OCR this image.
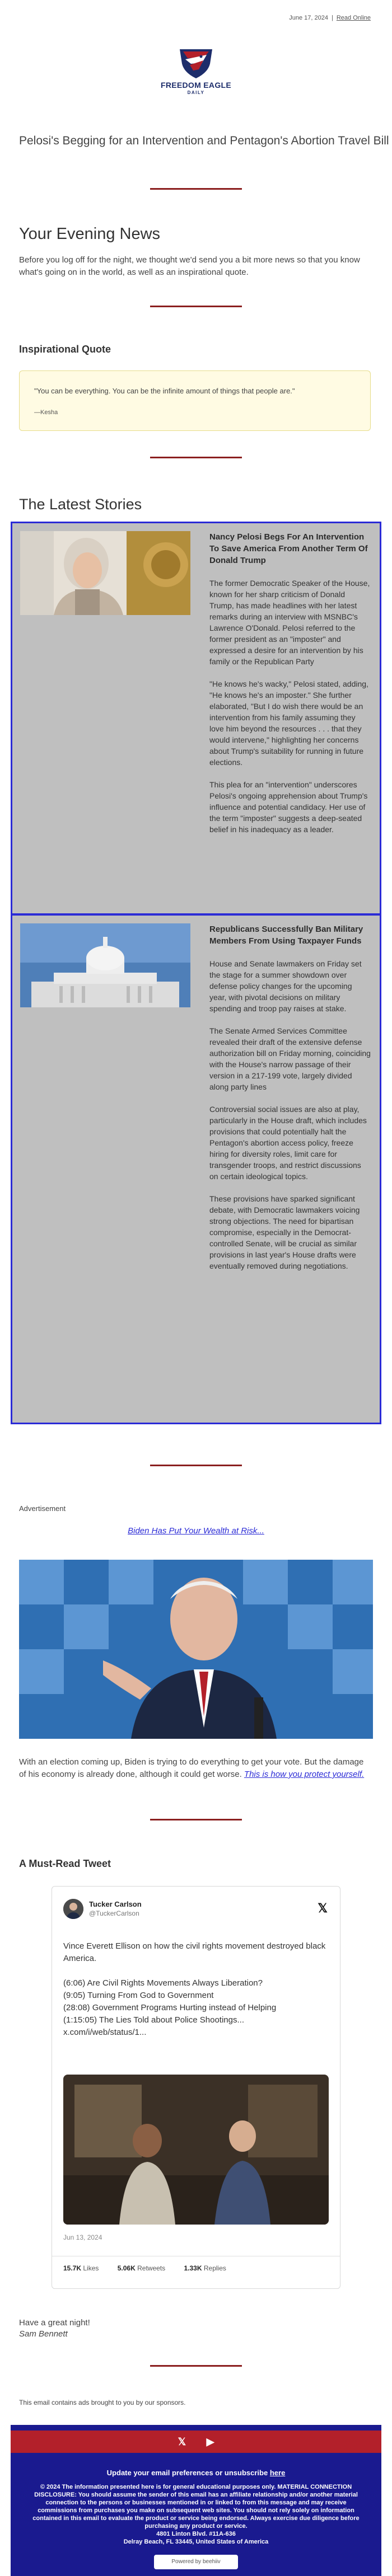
June 17, 2024 | Read Online
FREEDOM EAGLE
DAILY
Pelosi's Begging for an Intervention and Pentagon's Abortion Travel Bill
Your Evening News
Before you log off for the night, we thought we'd send you a bit more news so that you know what's going on in the world, as well as an inspirational quote.
Inspirational Quote
"You can be everything. You can be the infinite amount of things that people are."
—Kesha
The Latest Stories
Nancy Pelosi Begs For An Intervention To Save America From Another Term Of Donald Trump

The former Democratic Speaker of the House, known for her sharp criticism of Donald Trump, has made headlines with her latest remarks during an interview with MSNBC's Lawrence O'Donald. Pelosi referred to the former president as an "imposter" and expressed a desire for an intervention by his family or the Republican Party

"He knows he's wacky," Pelosi stated, adding, "He knows he's an imposter." She further elaborated, "But I do wish there would be an intervention from his family assuming they love him beyond the resources . . . that they would intervene," highlighting her concerns about Trump's suitability for running in future elections.

This plea for an "intervention" underscores Pelosi's ongoing apprehension about Trump's influence and potential candidacy. Her use of the term "imposter" suggests a deep-seated belief in his inadequacy as a leader.

Republicans Successfully Ban Military Members From Using Taxpayer Funds

House and Senate lawmakers on Friday set the stage for a summer showdown over defense policy changes for the upcoming year, with pivotal decisions on military spending and troop pay raises at stake.

The Senate Armed Services Committee revealed their draft of the extensive defense authorization bill on Friday morning, coinciding with the House's narrow passage of their version in a 217-199 vote, largely divided along party lines

Controversial social issues are also at play, particularly in the House draft, which includes provisions that could potentially halt the Pentagon's abortion access policy, freeze hiring for diversity roles, limit care for transgender troops, and restrict discussions on certain ideological topics.

These provisions have sparked significant debate, with Democratic lawmakers voicing strong objections. The need for bipartisan compromise, especially in the Democrat-controlled Senate, will be crucial as similar provisions in last year's House drafts were eventually removed during negotiations.

Advertisement
Biden Has Put Your Wealth at Risk...
With an election coming up, Biden is trying to do everything to get your vote. But the damage of his economy is already done, although it could get worse. This is how you protect yourself.
A Must-Read Tweet
Tucker Carlson
@TuckerCarlson	𝕏
Vince Everett Ellison on how the civil rights movement destroyed black America.
(6:06) Are Civil Rights Movements Always Liberation?
(9:05) Turning From God to Government
(28:08) Government Programs Hurting instead of Helping
(1:15:05) The Lies Told about Police Shootings...
x.com/i/web/status/1...
Jun 13, 2024
15.7K Likes	5.06K Retweets	1.33K Replies
Have a great night!
Sam Bennett
This email contains ads brought to you by our sponsors.
𝕏 ▶
Update your email preferences or unsubscribe here
© 2024 The information presented here is for general educational purposes only. MATERIAL CONNECTION DISCLOSURE: You should assume the sender of this email has an affiliate relationship and/or another material connection to the persons or businesses mentioned in or linked to from this message and may receive commissions from purchases you make on subsequent web sites. You should not rely solely on information contained in this email to evaluate the product or service being endorsed. Always exercise due diligence before purchasing any product or service.
4801 Linton Blvd. #11A-636
Delray Beach, FL 33445, United States of America
Powered by beehiiv
